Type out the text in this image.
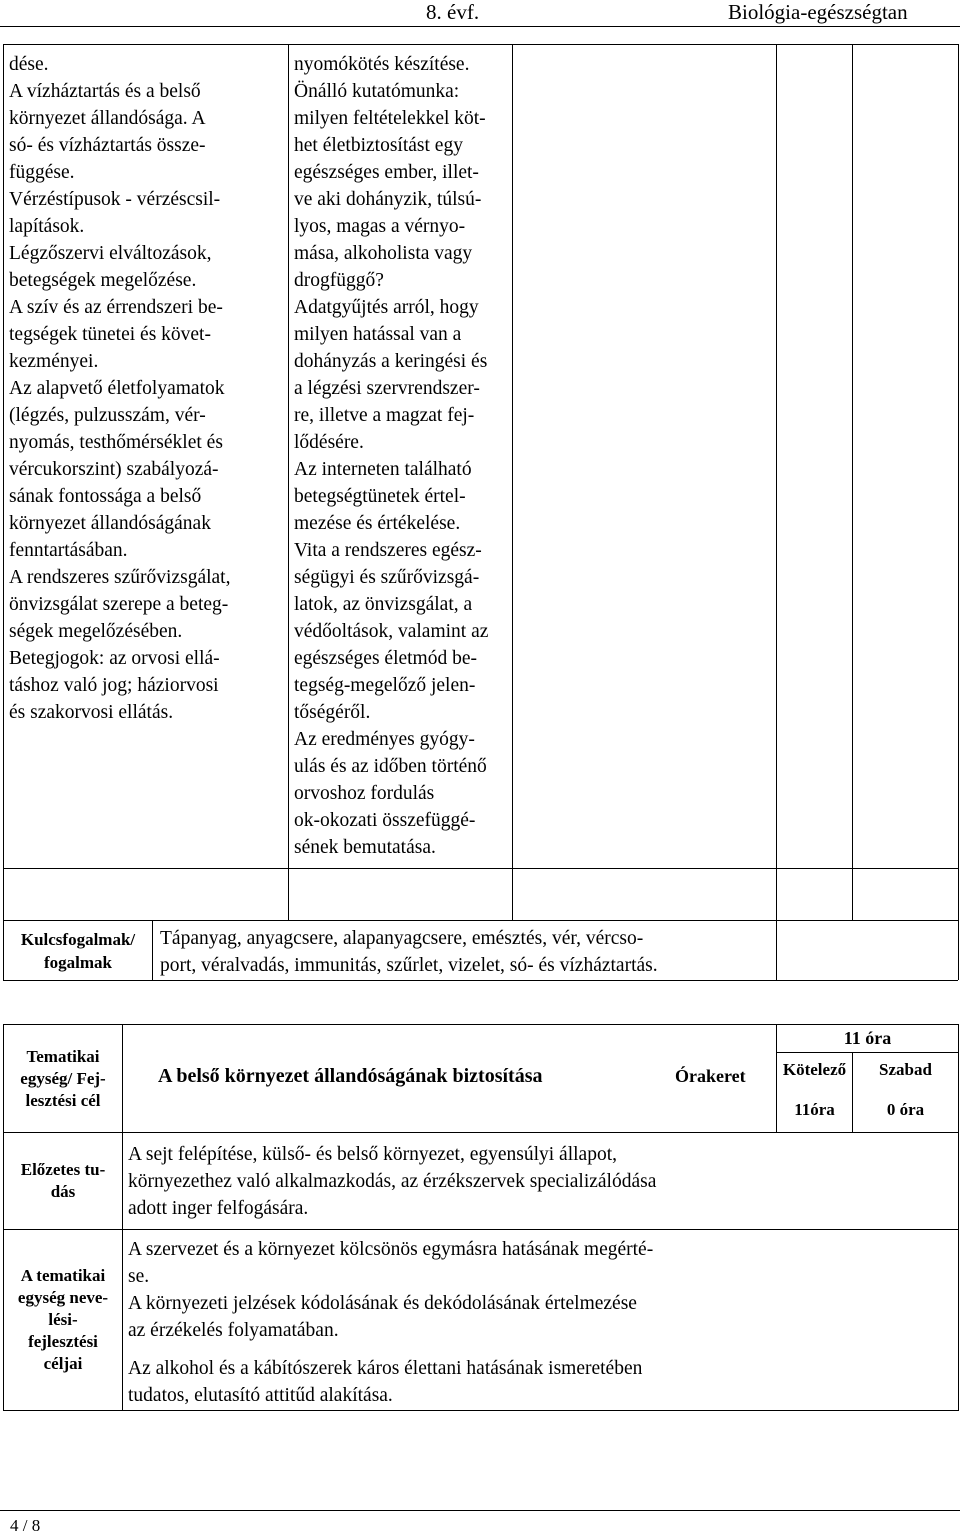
8. évf.	Biológia-egészségtan
dése.
A vízháztartás és a belső
környezet állandósága. A
só- és vízháztartás össze-
függése.
Vérzéstípusok - vérzéscsil-
lapítások.
Légzőszervi elváltozások,
betegségek megelőzése.
A szív és az érrendszeri be-
tegségek tünetei és követ-
kezményei.
Az alapvető életfolyamatok
(légzés, pulzusszám, vér-
nyomás, testhőmérséklet és
vércukorszint) szabályozá-
sának fontossága a belső
környezet állandóságának
fenntartásában.
A rendszeres szűrővizsgálat,
önvizsgálat szerepe a beteg-
ségek megelőzésében.
Betegjogok: az orvosi ellá-
táshoz való jog; háziorvosi
és szakorvosi ellátás.
nyomókötés készítése.
Önálló kutatómunka:
milyen feltételekkel köt-
het életbiztosítást egy
egészséges ember, illet-
ve aki dohányzik, túlsú-
lyos, magas a vérnyo-
mása, alkoholista vagy
drogfüggő?
Adatgyűjtés arról, hogy
milyen hatással van a
dohányzás a keringési és
a légzési szervrendszer-
re, illetve a magzat fej-
lődésére.
Az interneten található
betegségtünetek értel-
mezése és értékelése.
Vita a rendszeres egész-
ségügyi és szűrővizsgá-
latok, az önvizsgálat, a
védőoltások, valamint az
egészséges életmód be-
tegség-megelőző jelen-
tőségéről.
Az eredményes gyógy-
ulás és az időben történő
orvoshoz fordulás
ok-okozati összefüggé-
sének bemutatása.
Kulcsfogalmak/
fogalmak
Tápanyag, anyagcsere, alapanyagcsere, emésztés, vér, vércso-
port, véralvadás, immunitás, szűrlet, vizelet, só- és vízháztartás.
Tematikai
egység/ Fej-
lesztési cél
A belső környezet állandóságának biztosítása	Órakeret
11 óra
Kötelező
11óra
Szabad
0 óra
Előzetes tu-
dás
A sejt felépítése, külső- és belső környezet, egyensúlyi állapot,
környezethez való alkalmazkodás, az érzékszervek specializálódása
adott inger felfogására.
A tematikai
egység neve-
lési-
fejlesztési
céljai
A szervezet és a környezet kölcsönös egymásra hatásának megérté-
se.
A környezeti jelzések kódolásának és dekódolásának értelmezése
az érzékelés folyamatában.
Az alkohol és a kábítószerek káros élettani hatásának ismeretében
tudatos, elutasító attitűd alakítása.
4 / 8
